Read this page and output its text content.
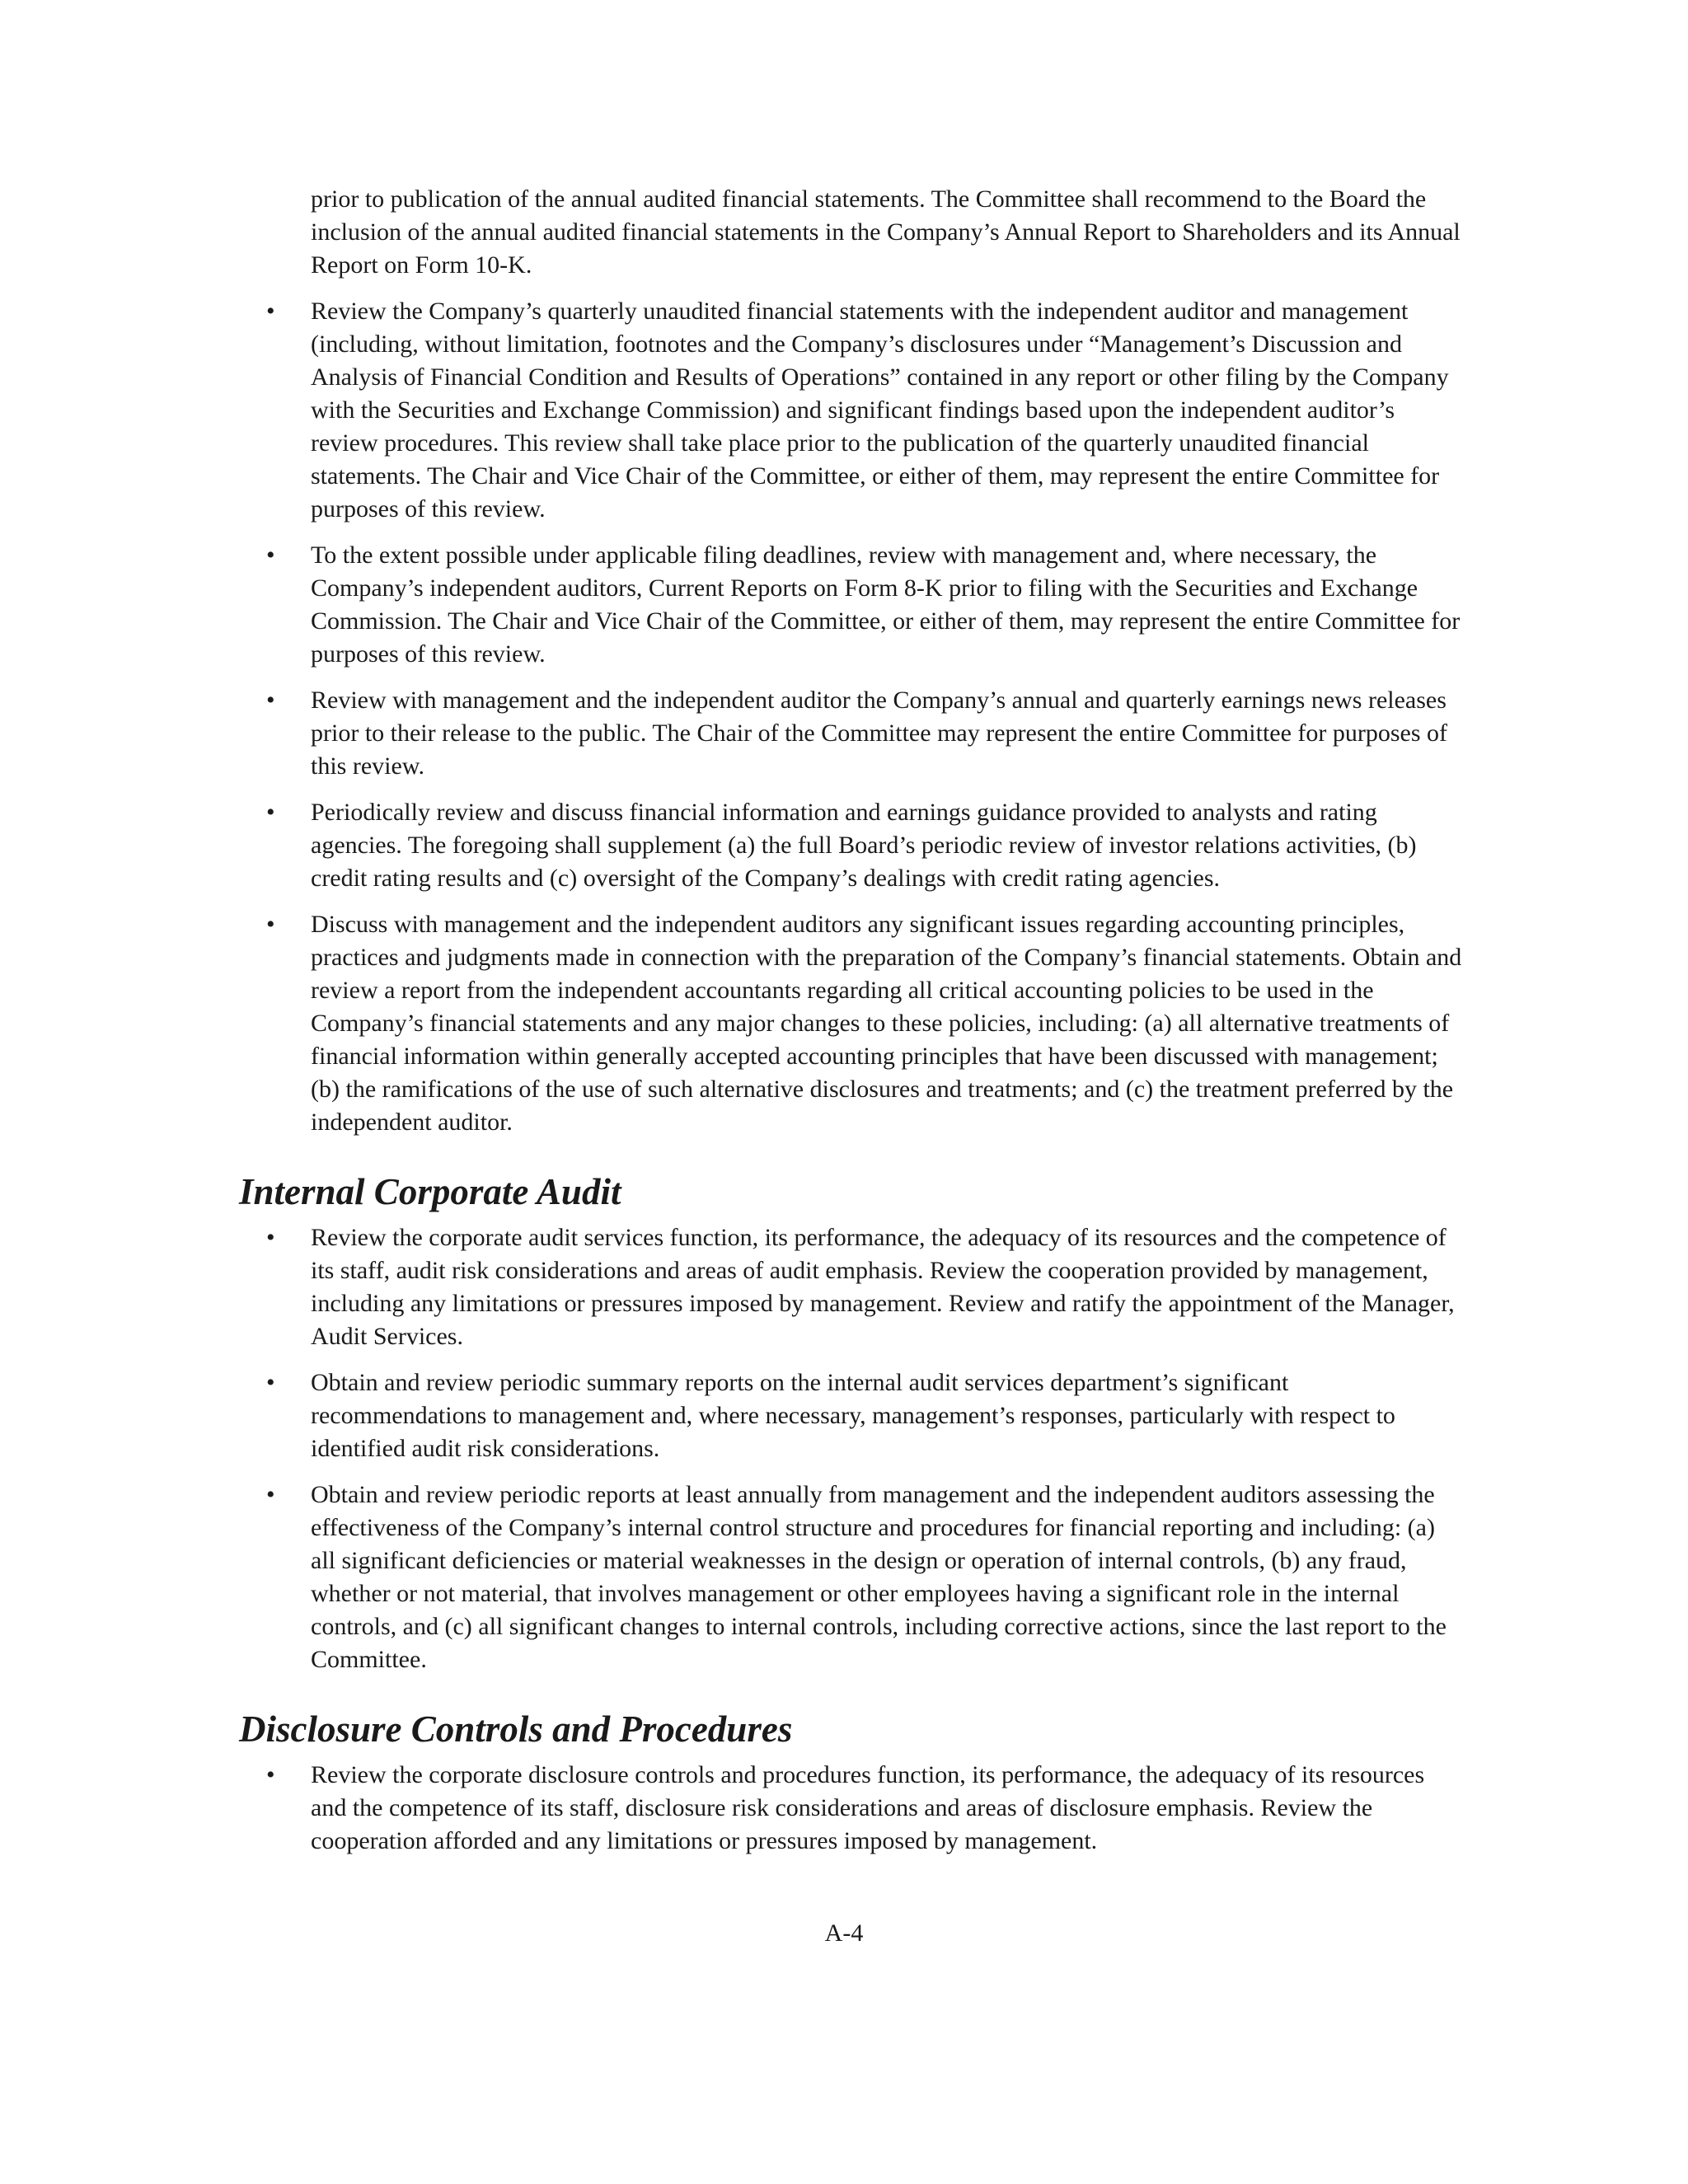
prior to publication of the annual audited financial statements. The Committee shall recommend to the Board the inclusion of the annual audited financial statements in the Company’s Annual Report to Shareholders and its Annual Report on Form 10-K.

• Review the Company’s quarterly unaudited financial statements with the independent auditor and management (including, without limitation, footnotes and the Company’s disclosures under “Management’s Discussion and Analysis of Financial Condition and Results of Operations” contained in any report or other filing by the Company with the Securities and Exchange Commission) and significant findings based upon the independent auditor’s review procedures. This review shall take place prior to the publication of the quarterly unaudited financial statements. The Chair and Vice Chair of the Committee, or either of them, may represent the entire Committee for purposes of this review.
• To the extent possible under applicable filing deadlines, review with management and, where necessary, the Company’s independent auditors, Current Reports on Form 8-K prior to filing with the Securities and Exchange Commission. The Chair and Vice Chair of the Committee, or either of them, may represent the entire Committee for purposes of this review.
• Review with management and the independent auditor the Company’s annual and quarterly earnings news releases prior to their release to the public. The Chair of the Committee may represent the entire Committee for purposes of this review.
• Periodically review and discuss financial information and earnings guidance provided to analysts and rating agencies. The foregoing shall supplement (a) the full Board’s periodic review of investor relations activities, (b) credit rating results and (c) oversight of the Company’s dealings with credit rating agencies.
• Discuss with management and the independent auditors any significant issues regarding accounting principles, practices and judgments made in connection with the preparation of the Company’s financial statements. Obtain and review a report from the independent accountants regarding all critical accounting policies to be used in the Company’s financial statements and any major changes to these policies, including: (a) all alternative treatments of financial information within generally accepted accounting principles that have been discussed with management; (b) the ramifications of the use of such alternative disclosures and treatments; and (c) the treatment preferred by the independent auditor.
Internal Corporate Audit
• Review the corporate audit services function, its performance, the adequacy of its resources and the competence of its staff, audit risk considerations and areas of audit emphasis. Review the cooperation provided by management, including any limitations or pressures imposed by management. Review and ratify the appointment of the Manager, Audit Services.
• Obtain and review periodic summary reports on the internal audit services department’s significant recommendations to management and, where necessary, management’s responses, particularly with respect to identified audit risk considerations.
• Obtain and review periodic reports at least annually from management and the independent auditors assessing the effectiveness of the Company’s internal control structure and procedures for financial reporting and including: (a) all significant deficiencies or material weaknesses in the design or operation of internal controls, (b) any fraud, whether or not material, that involves management or other employees having a significant role in the internal controls, and (c) all significant changes to internal controls, including corrective actions, since the last report to the Committee.
Disclosure Controls and Procedures
• Review the corporate disclosure controls and procedures function, its performance, the adequacy of its resources and the competence of its staff, disclosure risk considerations and areas of disclosure emphasis. Review the cooperation afforded and any limitations or pressures imposed by management.
A-4
